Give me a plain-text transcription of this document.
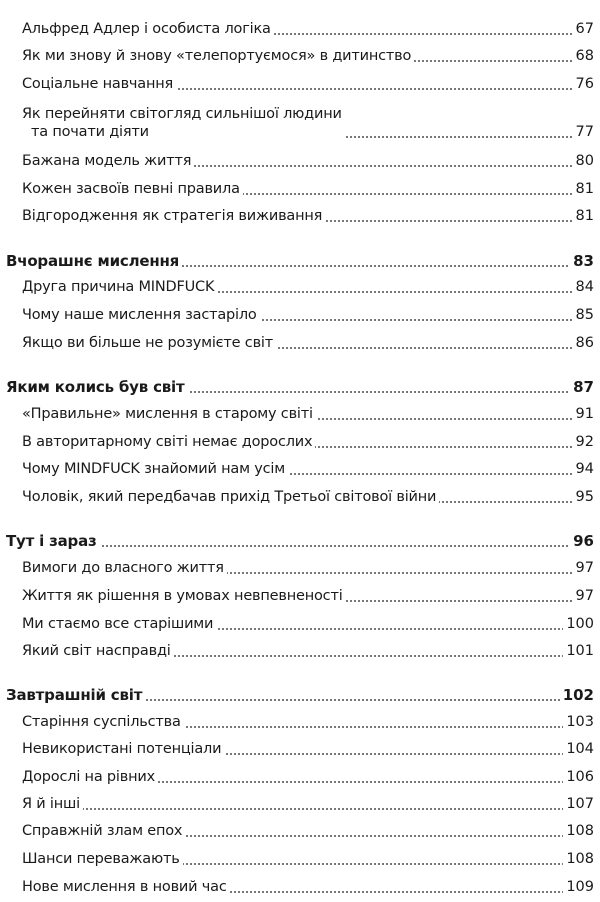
Альфред Адлер і особиста логіка	67
Як ми знову й знову «телепортуємося» в дитинство	68
Соціальне навчання	76
Як перейняти світогляд сильнішої людини
та почати діяти	77
Бажана модель життя	80
Кожен засвоїв певні правила	81
Відгородження як стратегія виживання	81
Вчорашнє мислення	83
Друга причина MINDFUCK	84
Чому наше мислення застаріло	85
Якщо ви більше не розумієте світ	86
Яким колись був світ	87
«Правильне» мислення в старому світі	91
В авторитарному світі немає дорослих	92
Чому MINDFUCK знайомий нам усім	94
Чоловік, який передбачав прихід Третьої світової війни	95
Тут і зараз	96
Вимоги до власного життя	97
Життя як рішення в умовах невпевненості	97
Ми стаємо все старішими	100
Який світ насправді	101
Завтрашній світ	102
Старіння суспільства	103
Невикористані потенціали	104
Дорослі на рівних	106
Я й інші	107
Справжній злам епох	108
Шанси переважають	108
Нове мислення в новий час	109
